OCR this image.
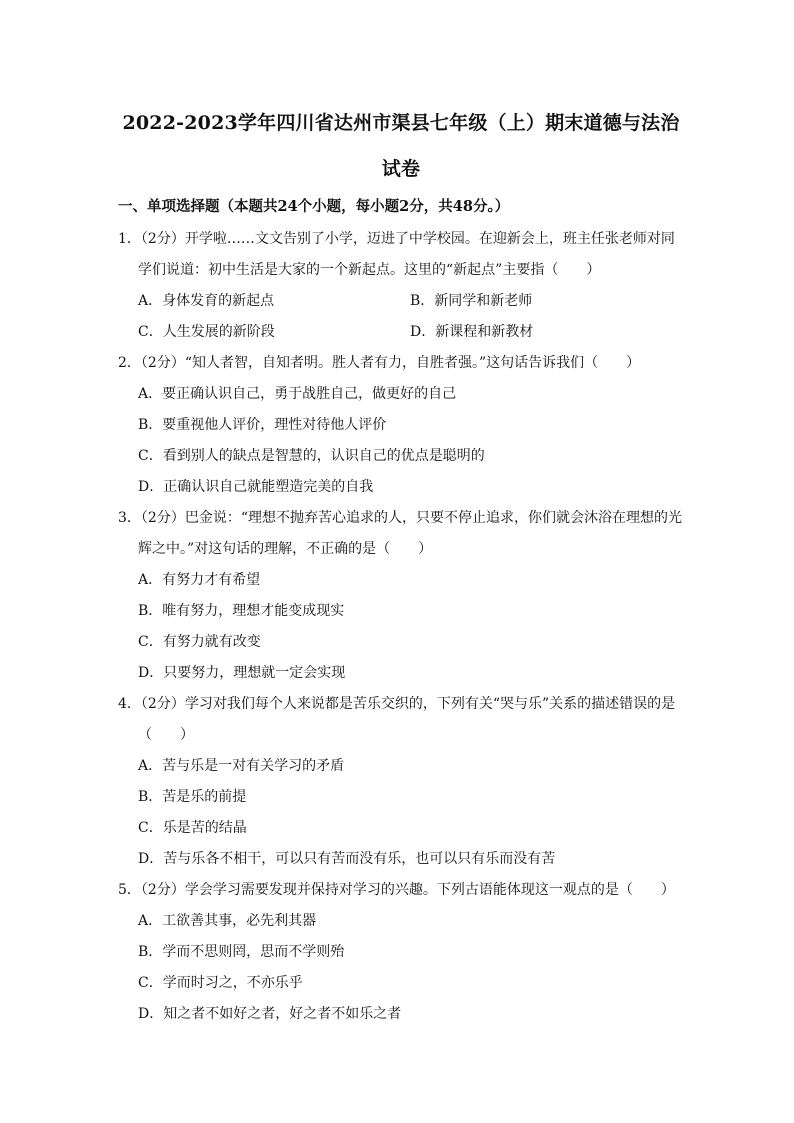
2022-2023学年四川省达州市渠县七年级（上）期末道德与法治
试卷
一、单项选择题（本题共24个小题，每小题2分，共48分。）
1．（2分）开学啦……文文告别了小学，迈进了中学校园。在迎新会上，班主任张老师对同学们说道：初中生活是大家的一个新起点。这里的“新起点”主要指（　　）
A．身体发育的新起点	B．新同学和新老师
C．人生发展的新阶段	D．新课程和新教材
2．（2分）“知人者智，自知者明。胜人者有力，自胜者强。”这句话告诉我们（　　）
A．要正确认识自己，勇于战胜自己，做更好的自己
B．要重视他人评价，理性对待他人评价
C．看到别人的缺点是智慧的，认识自己的优点是聪明的
D．正确认识自己就能塑造完美的自我
3．（2分）巴金说：“理想不抛弃苦心追求的人，只要不停止追求，你们就会沐浴在理想的光辉之中。”对这句话的理解，不正确的是（　　）
A．有努力才有希望
B．唯有努力，理想才能变成现实
C．有努力就有改变
D．只要努力，理想就一定会实现
4．（2分）学习对我们每个人来说都是苦乐交织的，下列有关“哭与乐”关系的描述错误的是（　　）
A．苦与乐是一对有关学习的矛盾
B．苦是乐的前提
C．乐是苦的结晶
D．苦与乐各不相干，可以只有苦而没有乐，也可以只有乐而没有苦
5．（2分）学会学习需要发现并保持对学习的兴趣。下列古语能体现这一观点的是（　　）
A．工欲善其事，必先利其器
B．学而不思则罔，思而不学则殆
C．学而时习之，不亦乐乎
D．知之者不如好之者，好之者不如乐之者
